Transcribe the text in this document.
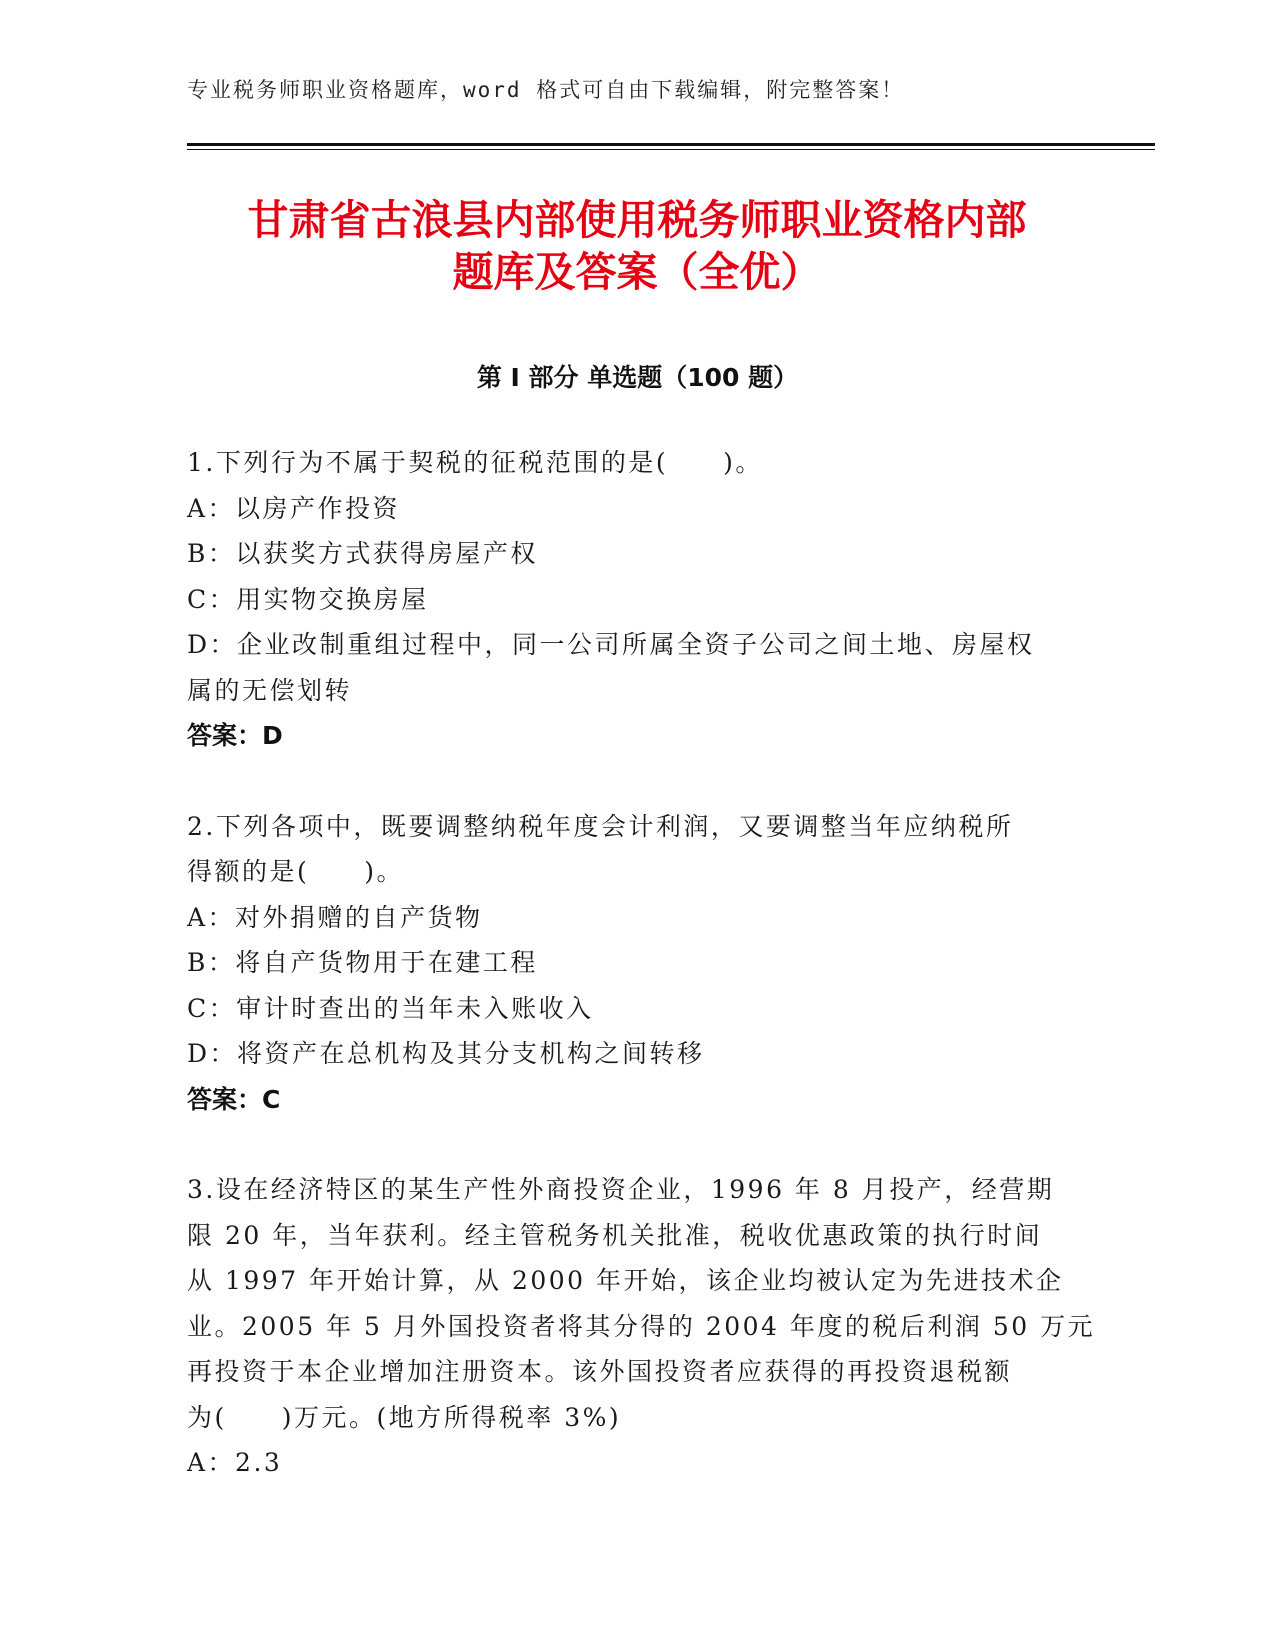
专业税务师职业资格题库，word 格式可自由下载编辑，附完整答案！
甘肃省古浪县内部使用税务师职业资格内部
题库及答案（全优）
第 I 部分 单选题（100 题）
1.下列行为不属于契税的征税范围的是(　　)。
A：以房产作投资
B：以获奖方式获得房屋产权
C：用实物交换房屋
D：企业改制重组过程中，同一公司所属全资子公司之间土地、房屋权
属的无偿划转
答案：D
2.下列各项中，既要调整纳税年度会计利润，又要调整当年应纳税所
得额的是(　　)。
A：对外捐赠的自产货物
B：将自产货物用于在建工程
C：审计时查出的当年未入账收入
D：将资产在总机构及其分支机构之间转移
答案：C
3.设在经济特区的某生产性外商投资企业，1996 年 8 月投产，经营期
限 20 年，当年获利。经主管税务机关批准，税收优惠政策的执行时间
从 1997 年开始计算，从 2000 年开始，该企业均被认定为先进技术企
业。2005 年 5 月外国投资者将其分得的 2004 年度的税后利润 50 万元
再投资于本企业增加注册资本。该外国投资者应获得的再投资退税额
为(　　)万元。(地方所得税率 3%)
A：2.3
